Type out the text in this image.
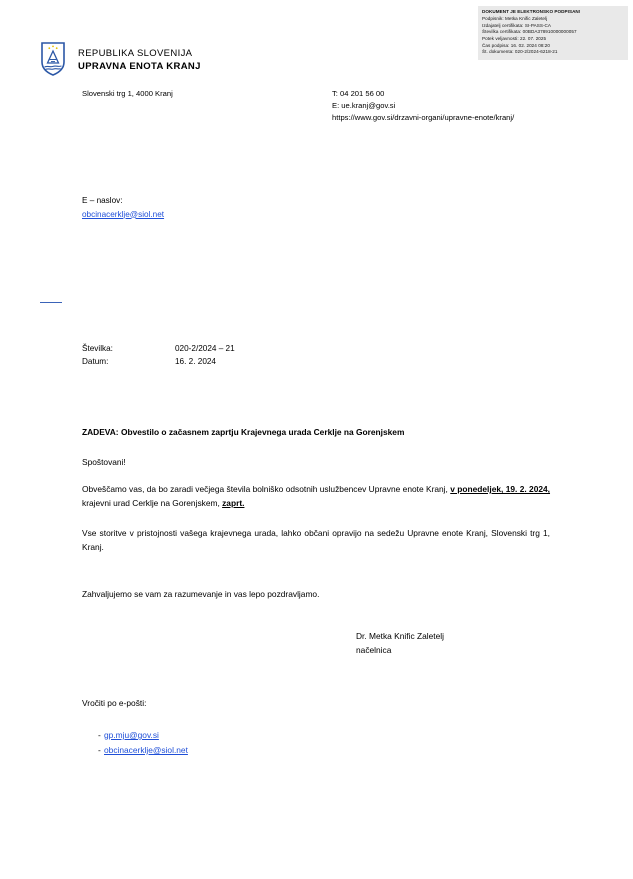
DOKUMENT JE ELEKTRONSKO PODPISAN!
Podpisnik: Metka Knific Zaletelj
Izdajatelj certifikata: SI-PASS-CA
Številka certifikata: 00BDA378910000000057
Potek veljavnosti: 22. 07. 2025
Čas podpisa: 16. 02. 2024 08:20
Št. dokumenta: 020-2/2024-6218-21
REPUBLIKA SLOVENIJA
UPRAVNA ENOTA KRANJ
Slovenski trg 1, 4000 Kranj	T: 04 201 56 00
E: ue.kranj@gov.si
https://www.gov.si/drzavni-organi/upravne-enote/kranj/
E – naslov:
obcinacerklje@siol.net
Številka:	020-2/2024 – 21
Datum:	16. 2. 2024
ZADEVA: Obvestilo o začasnem zaprtju Krajevnega urada Cerklje na Gorenjskem
Spoštovani!
Obveščamo vas, da bo zaradi večjega števila bolniško odsotnih uslužbencev Upravne enote Kranj, v ponedeljek, 19. 2. 2024, krajevni urad Cerklje na Gorenjskem, zaprt.
Vse storitve v pristojnosti vašega krajevnega urada, lahko občani opravijo na sedežu Upravne enote Kranj, Slovenski trg 1, Kranj.
Zahvaljujemo se vam za razumevanje in vas lepo pozdravljamo.
Dr. Metka Knific Zaletelj
načelnica
Vročiti po e-pošti:
- gp.mju@gov.si
- obcinacerklje@siol.net
